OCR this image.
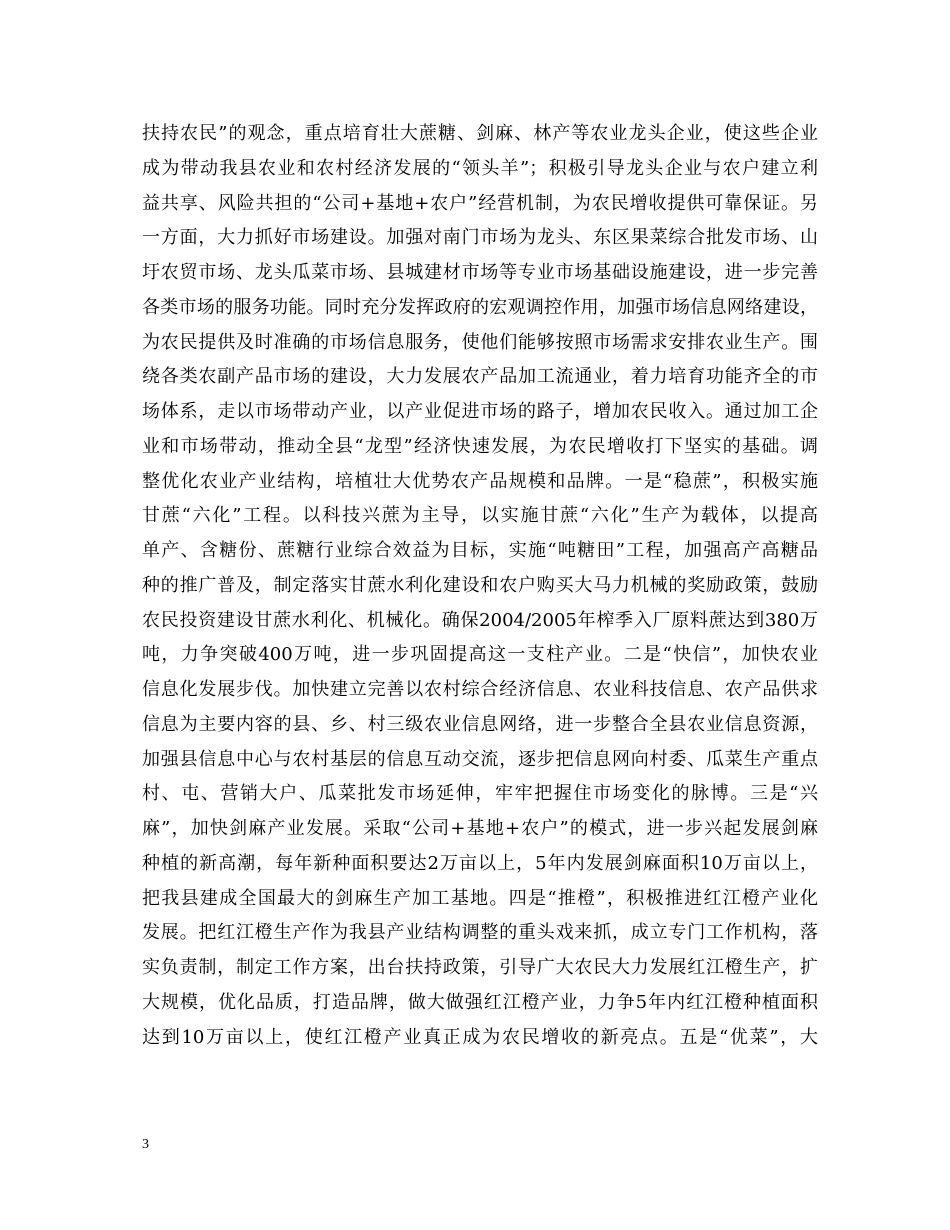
扶持农民”的观念，重点培育壮大蔗糖、剑麻、林产等农业龙头企业，使这些企业
成为带动我县农业和农村经济发展的“领头羊”；积极引导龙头企业与农户建立利
益共享、风险共担的“公司+基地+农户”经营机制，为农民增收提供可靠保证。另
一方面，大力抓好市场建设。加强对南门市场为龙头、东区果菜综合批发市场、山
圩农贸市场、龙头瓜菜市场、县城建材市场等专业市场基础设施建设，进一步完善
各类市场的服务功能。同时充分发挥政府的宏观调控作用，加强市场信息网络建设，
为农民提供及时准确的市场信息服务，使他们能够按照市场需求安排农业生产。围
绕各类农副产品市场的建设，大力发展农产品加工流通业，着力培育功能齐全的市
场体系，走以市场带动产业，以产业促进市场的路子，增加农民收入。通过加工企
业和市场带动，推动全县“龙型”经济快速发展，为农民增收打下坚实的基础。调
整优化农业产业结构，培植壮大优势农产品规模和品牌。一是“稳蔗”，积极实施
甘蔗“六化”工程。以科技兴蔗为主导，以实施甘蔗“六化”生产为载体，以提高
单产、含糖份、蔗糖行业综合效益为目标，实施“吨糖田”工程，加强高产高糖品
种的推广普及，制定落实甘蔗水利化建设和农户购买大马力机械的奖励政策，鼓励
农民投资建设甘蔗水利化、机械化。确保2004/2005年榨季入厂原料蔗达到380万
吨，力争突破400万吨，进一步巩固提高这一支柱产业。二是“快信”，加快农业
信息化发展步伐。加快建立完善以农村综合经济信息、农业科技信息、农产品供求
信息为主要内容的县、乡、村三级农业信息网络，进一步整合全县农业信息资源，
加强县信息中心与农村基层的信息互动交流，逐步把信息网向村委、瓜菜生产重点
村、屯、营销大户、瓜菜批发市场延伸，牢牢把握住市场变化的脉博。三是“兴
麻”，加快剑麻产业发展。采取“公司+基地+农户”的模式，进一步兴起发展剑麻
种植的新高潮，每年新种面积要达2万亩以上，5年内发展剑麻面积10万亩以上，
把我县建成全国最大的剑麻生产加工基地。四是“推橙”，积极推进红江橙产业化
发展。把红江橙生产作为我县产业结构调整的重头戏来抓，成立专门工作机构，落
实负责制，制定工作方案，出台扶持政策，引导广大农民大力发展红江橙生产，扩
大规模，优化品质，打造品牌，做大做强红江橙产业，力争5年内红江橙种植面积
达到10万亩以上，使红江橙产业真正成为农民增收的新亮点。五是“优菜”，大
3
